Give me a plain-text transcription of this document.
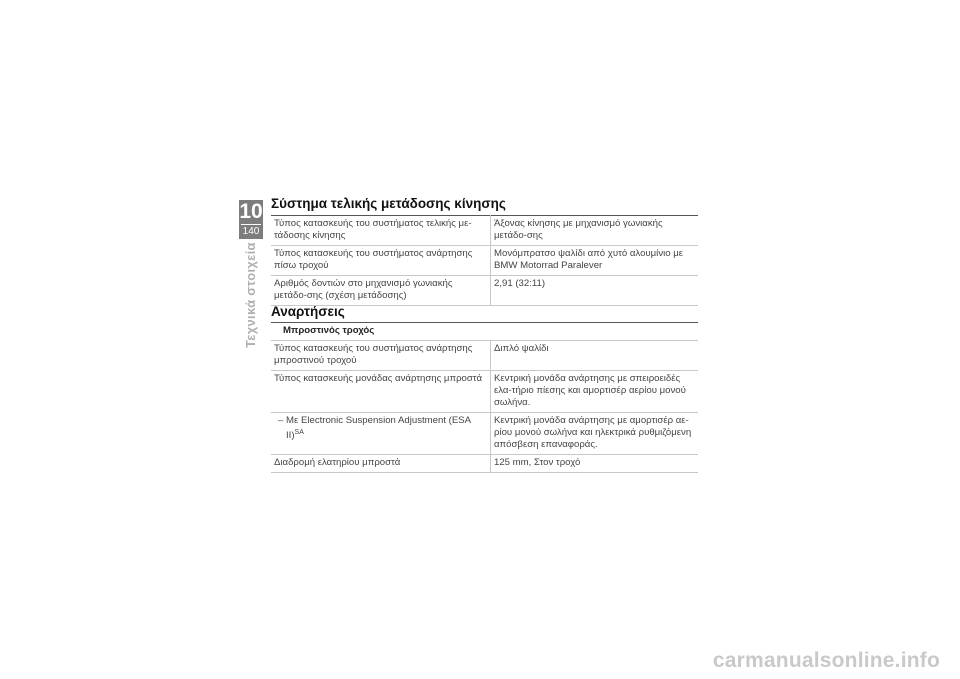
10
140
Τεχνικά στοιχεία
Σύστημα τελικής μετάδοσης κίνησης
Τύπος κατασκευής του συστήματος τελικής με-τάδοσης κίνησης	Άξονας κίνησης με μηχανισμό γωνιακής μετάδο-σης
Τύπος κατασκευής του συστήματος ανάρτησης πίσω τροχού	Μονόμπρατσο ψαλίδι από χυτό αλουμίνιο με BMW Motorrad Paralever
Αριθμός δοντιών στο μηχανισμό γωνιακής μετάδο-σης (σχέση μετάδοσης)	2,91 (32:11)
Αναρτήσεις
Μπροστινός τροχός	
Τύπος κατασκευής του συστήματος ανάρτησης μπροστινού τροχού	Διπλό ψαλίδι
Τύπος κατασκευής μονάδας ανάρτησης μπροστά	Κεντρική μονάδα ανάρτησης με σπειροειδές ελα-τήριο πίεσης και αμορτισέρ αερίου μονού σωλήνα.

– Με Electronic Suspension Adjustment (ESA II)$^{SA}$	Κεντρική μονάδα ανάρτησης με αμορτισέρ αε-ρίου μονού σωλήνα και ηλεκτρικά ρυθμιζόμενη απόσβεση επαναφοράς.
Διαδρομή ελατηρίου μπροστά	125 mm, Στον τροχό
carmanualsonline.info
